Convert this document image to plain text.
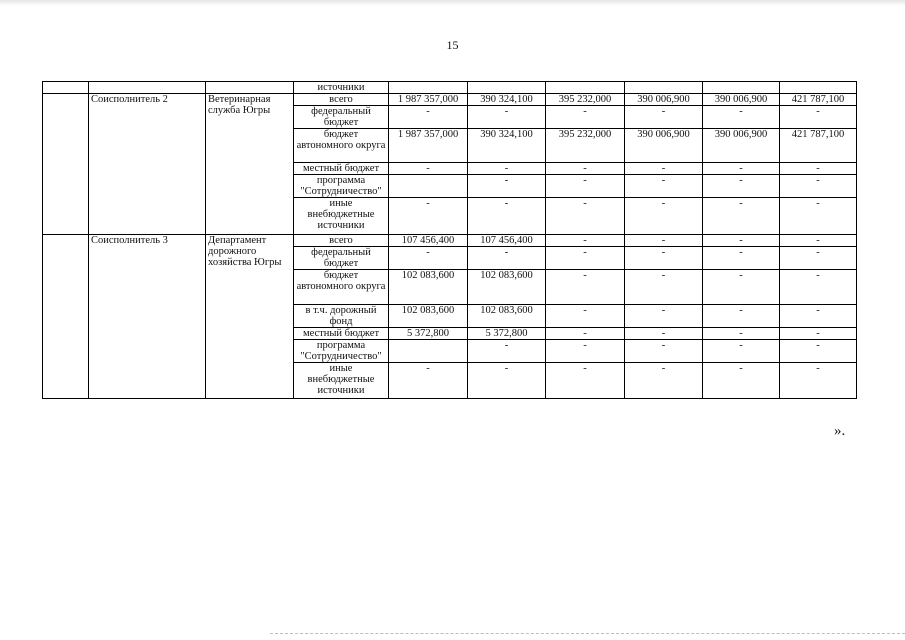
15
			источники						
	Соисполнитель 2	Ветеринарная служба Югры	всего	1 987 357,000	390 324,100	395 232,000	390 006,900	390 006,900	421 787,100
			федеральный бюджет	-	-	-	-	-	-
			бюджет автономного округа	1 987 357,000	390 324,100	395 232,000	390 006,900	390 006,900	421 787,100
			местный бюджет	-	-	-	-	-	-
			программа "Сотрудничество"		-	-	-	-	-
			иные внебюджетные источники	-	-	-	-	-	-
	Соисполнитель 3	Департамент дорожного хозяйства Югры	всего	107 456,400	107 456,400	-	-	-	-
			федеральный бюджет	-	-	-	-	-	-
			бюджет автономного округа	102 083,600	102 083,600	-	-	-	-
			в т.ч. дорожный фонд	102 083,600	102 083,600	-	-	-	-
			местный бюджет	5 372,800	5 372,800	-	-	-	-
			программа "Сотрудничество"		-	-	-	-	-
			иные внебюджетные источники	-	-	-	-	-	-
».
